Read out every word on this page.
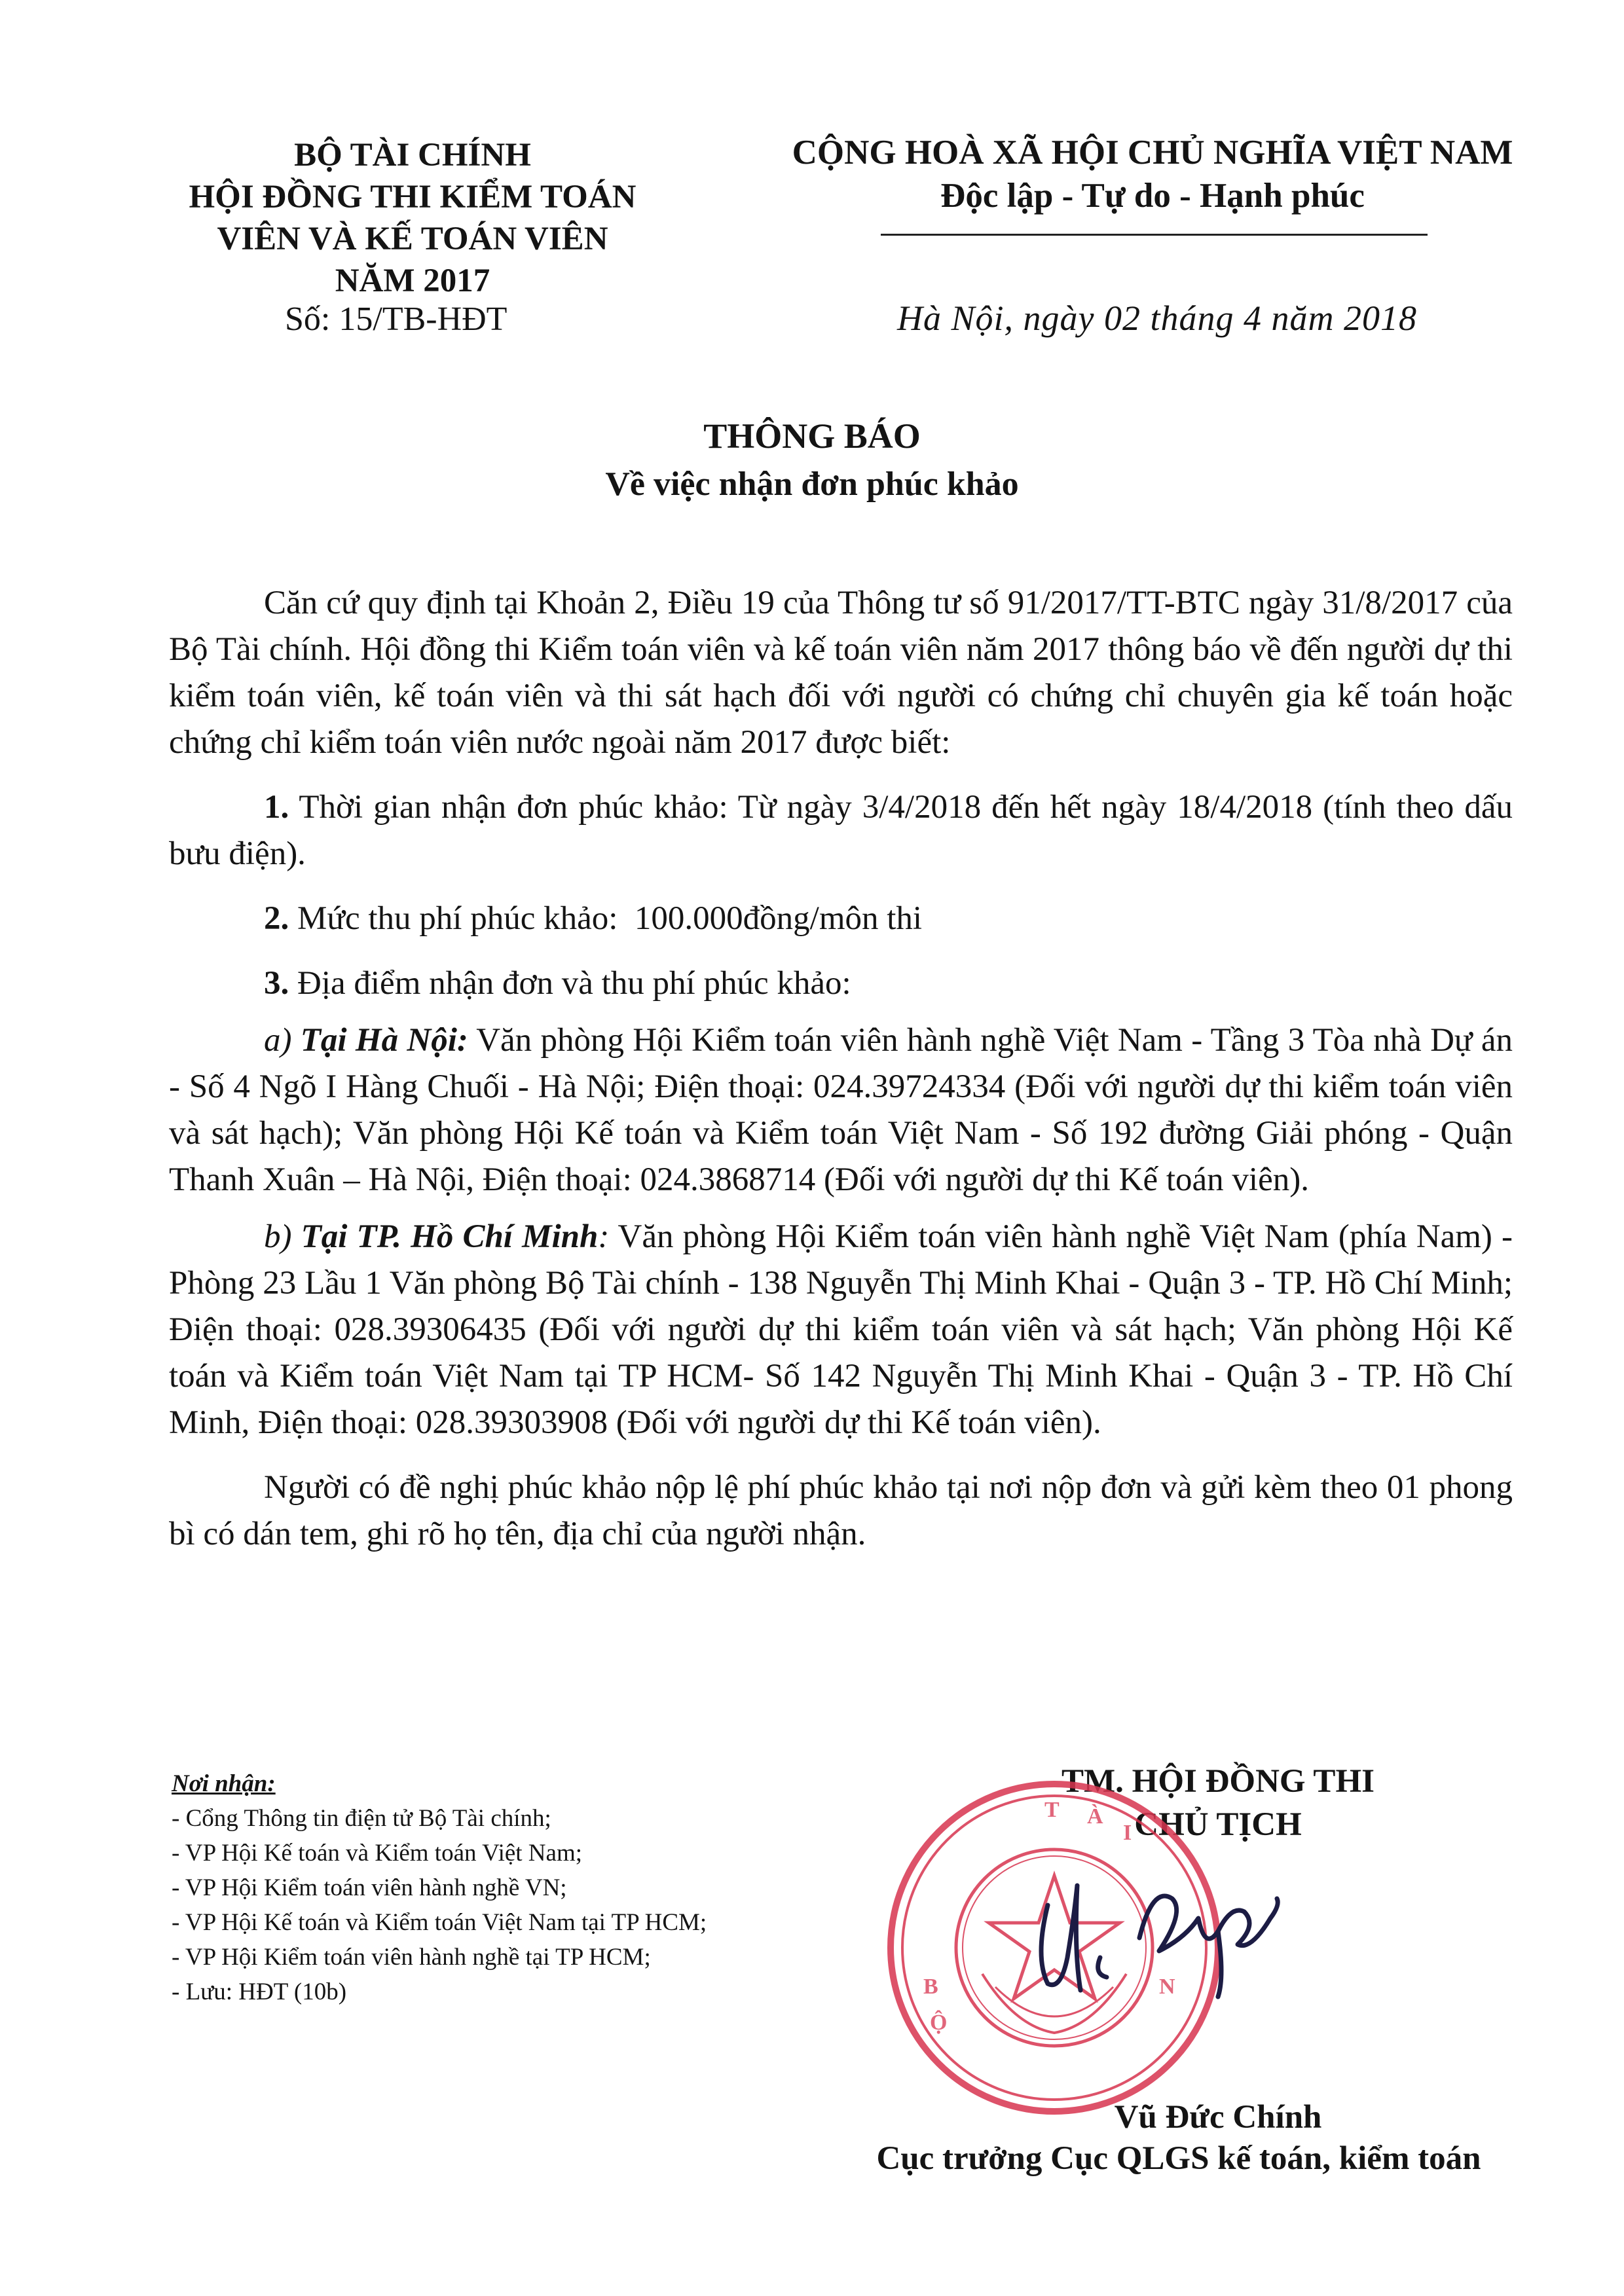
BỘ TÀI CHÍNH
HỘI ĐỒNG THI KIỂM TOÁN
VIÊN VÀ KẾ TOÁN VIÊN
NĂM 2017
Số: 15/TB-HĐT
CỘNG HOÀ XÃ HỘI CHỦ NGHĨA VIỆT NAM
Độc lập - Tự do - Hạnh phúc
Hà Nội, ngày 02 tháng 4 năm 2018
THÔNG BÁO
Về việc nhận đơn phúc khảo

Căn cứ quy định tại Khoản 2, Điều 19 của Thông tư số 91/2017/TT-BTC ngày 31/8/2017 của Bộ Tài chính. Hội đồng thi Kiểm toán viên và kế toán viên năm 2017 thông báo về đến người dự thi kiểm toán viên, kế toán viên và thi sát hạch đối với người có chứng chỉ chuyên gia kế toán hoặc chứng chỉ kiểm toán viên nước ngoài năm 2017 được biết:

1. Thời gian nhận đơn phúc khảo: Từ ngày 3/4/2018 đến hết ngày 18/4/2018 (tính theo dấu bưu điện).

2. Mức thu phí phúc khảo: 100.000đồng/môn thi

3. Địa điểm nhận đơn và thu phí phúc khảo:

a) Tại Hà Nội: Văn phòng Hội Kiểm toán viên hành nghề Việt Nam - Tầng 3 Tòa nhà Dự án - Số 4 Ngõ I Hàng Chuối - Hà Nội; Điện thoại: 024.39724334 (Đối với người dự thi kiểm toán viên và sát hạch); Văn phòng Hội Kế toán và Kiểm toán Việt Nam - Số 192 đường Giải phóng - Quận Thanh Xuân – Hà Nội, Điện thoại: 024.3868714 (Đối với người dự thi Kế toán viên).

b) Tại TP. Hồ Chí Minh: Văn phòng Hội Kiểm toán viên hành nghề Việt Nam (phía Nam) - Phòng 23 Lầu 1 Văn phòng Bộ Tài chính - 138 Nguyễn Thị Minh Khai - Quận 3 - TP. Hồ Chí Minh; Điện thoại: 028.39306435 (Đối với người dự thi kiểm toán viên và sát hạch; Văn phòng Hội Kế toán và Kiểm toán Việt Nam tại TP HCM- Số 142 Nguyễn Thị Minh Khai - Quận 3 - TP. Hồ Chí Minh, Điện thoại: 028.39303908 (Đối với người dự thi Kế toán viên).

Người có đề nghị phúc khảo nộp lệ phí phúc khảo tại nơi nộp đơn và gửi kèm theo 01 phong bì có dán tem, ghi rõ họ tên, địa chỉ của người nhận.

Nơi nhận:
- Cổng Thông tin điện tử Bộ Tài chính;
- VP Hội Kế toán và Kiểm toán Việt Nam;
- VP Hội Kiểm toán viên hành nghề VN;
- VP Hội Kế toán và Kiểm toán Việt Nam tại TP HCM;
- VP Hội Kiểm toán viên hành nghề tại TP HCM;
- Lưu: HĐT (10b)
TM. HỘI ĐỒNG THI
CHỦ TỊCH
T À
I
B
Ộ
N
Vũ Đức Chính
Cục trưởng Cục QLGS kế toán, kiểm toán
